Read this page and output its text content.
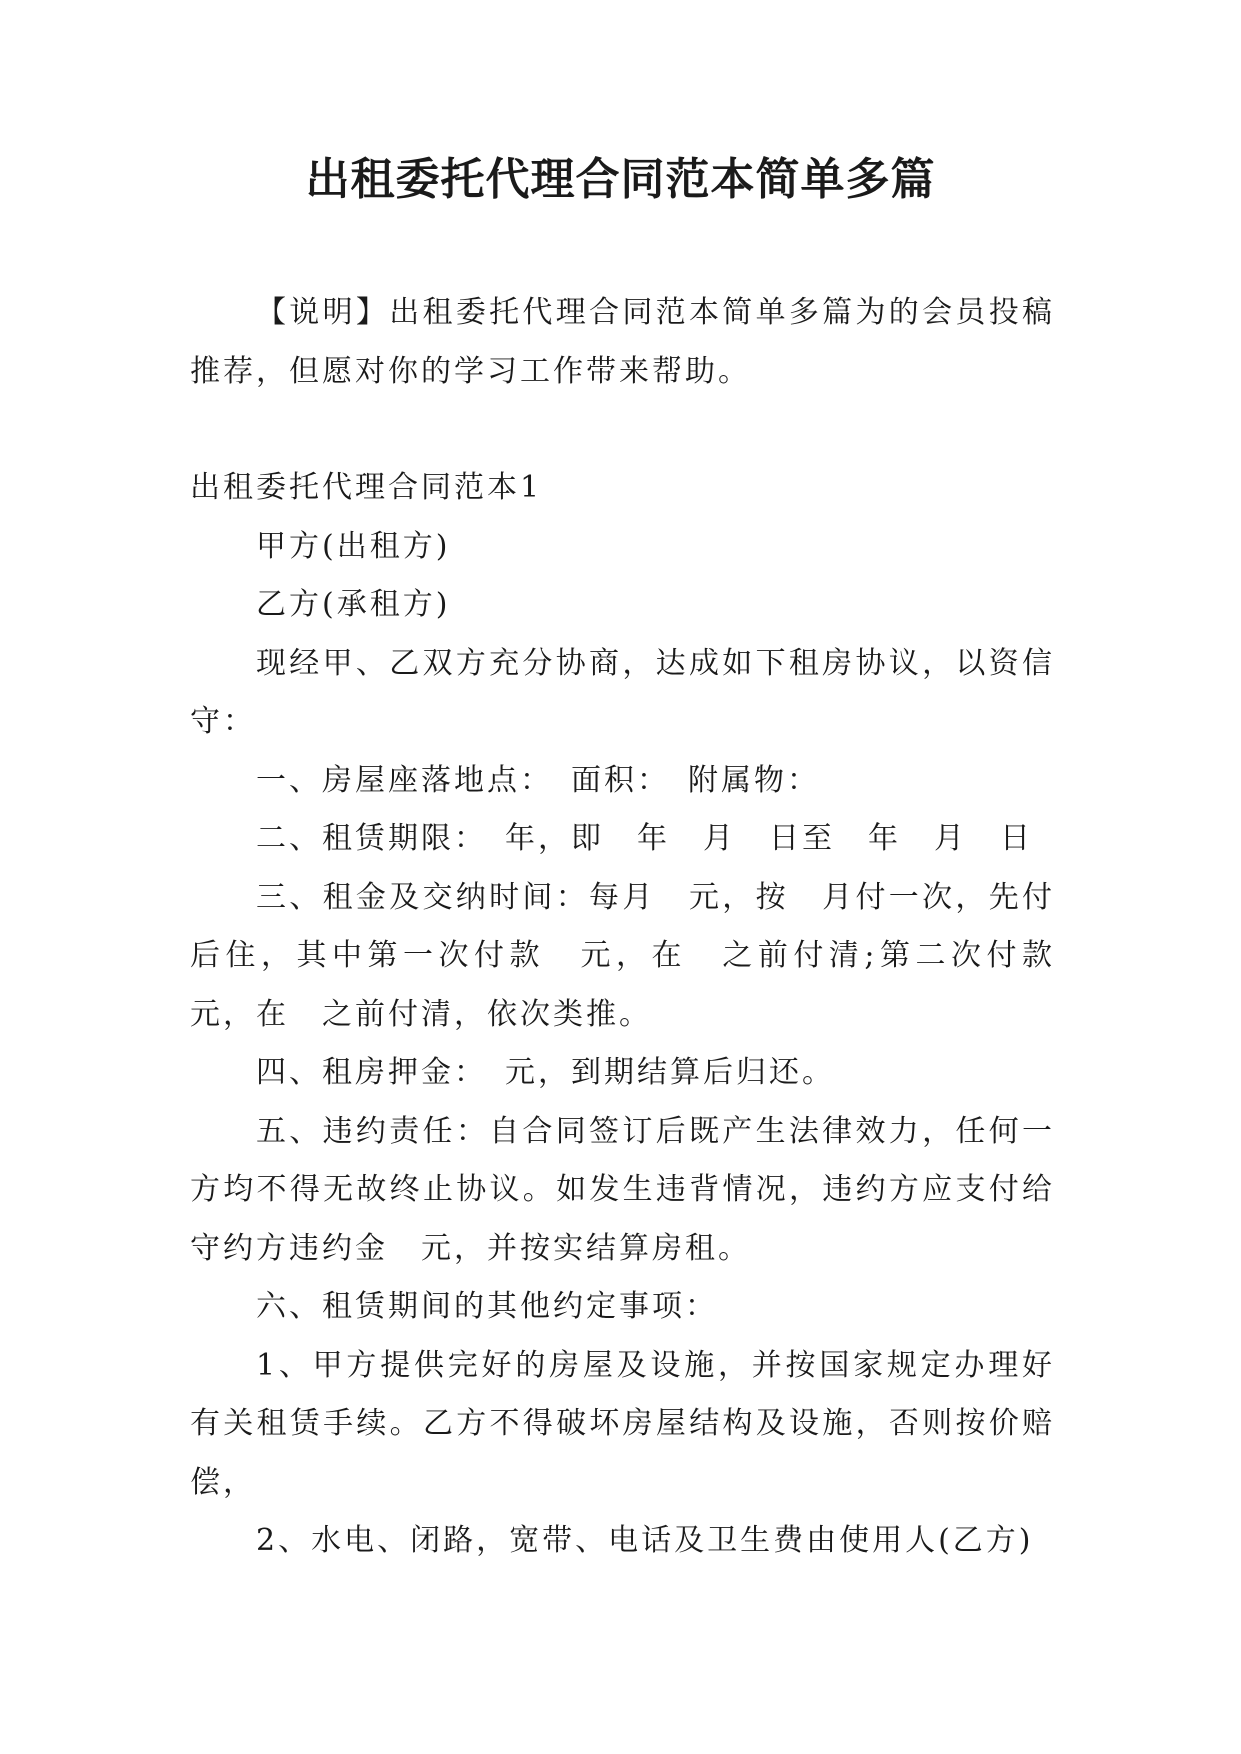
出租委托代理合同范本简单多篇

【说明】出租委托代理合同范本简单多篇为的会员投稿推荐，但愿对你的学习工作带来帮助。

出租委托代理合同范本1

甲方(出租方)

乙方(承租方)

现经甲、乙双方充分协商，达成如下租房协议，以资信守：

一、房屋座落地点：　面积：　附属物：

二、租赁期限：　年，即　年　月　日至　年　月　日

三、租金及交纳时间：每月　元，按　月付一次，先付后住，其中第一次付款　元，在　之前付清;第二次付款　元，在　之前付清，依次类推。

四、租房押金：　元，到期结算后归还。

五、违约责任：自合同签订后既产生法律效力，任何一方均不得无故终止协议。如发生违背情况，违约方应支付给守约方违约金　元，并按实结算房租。

六、租赁期间的其他约定事项：

1、甲方提供完好的房屋及设施，并按国家规定办理好有关租赁手续。乙方不得破坏房屋结构及设施，否则按价赔偿，

2、水电、闭路，宽带、电话及卫生费由使用人(乙方)
